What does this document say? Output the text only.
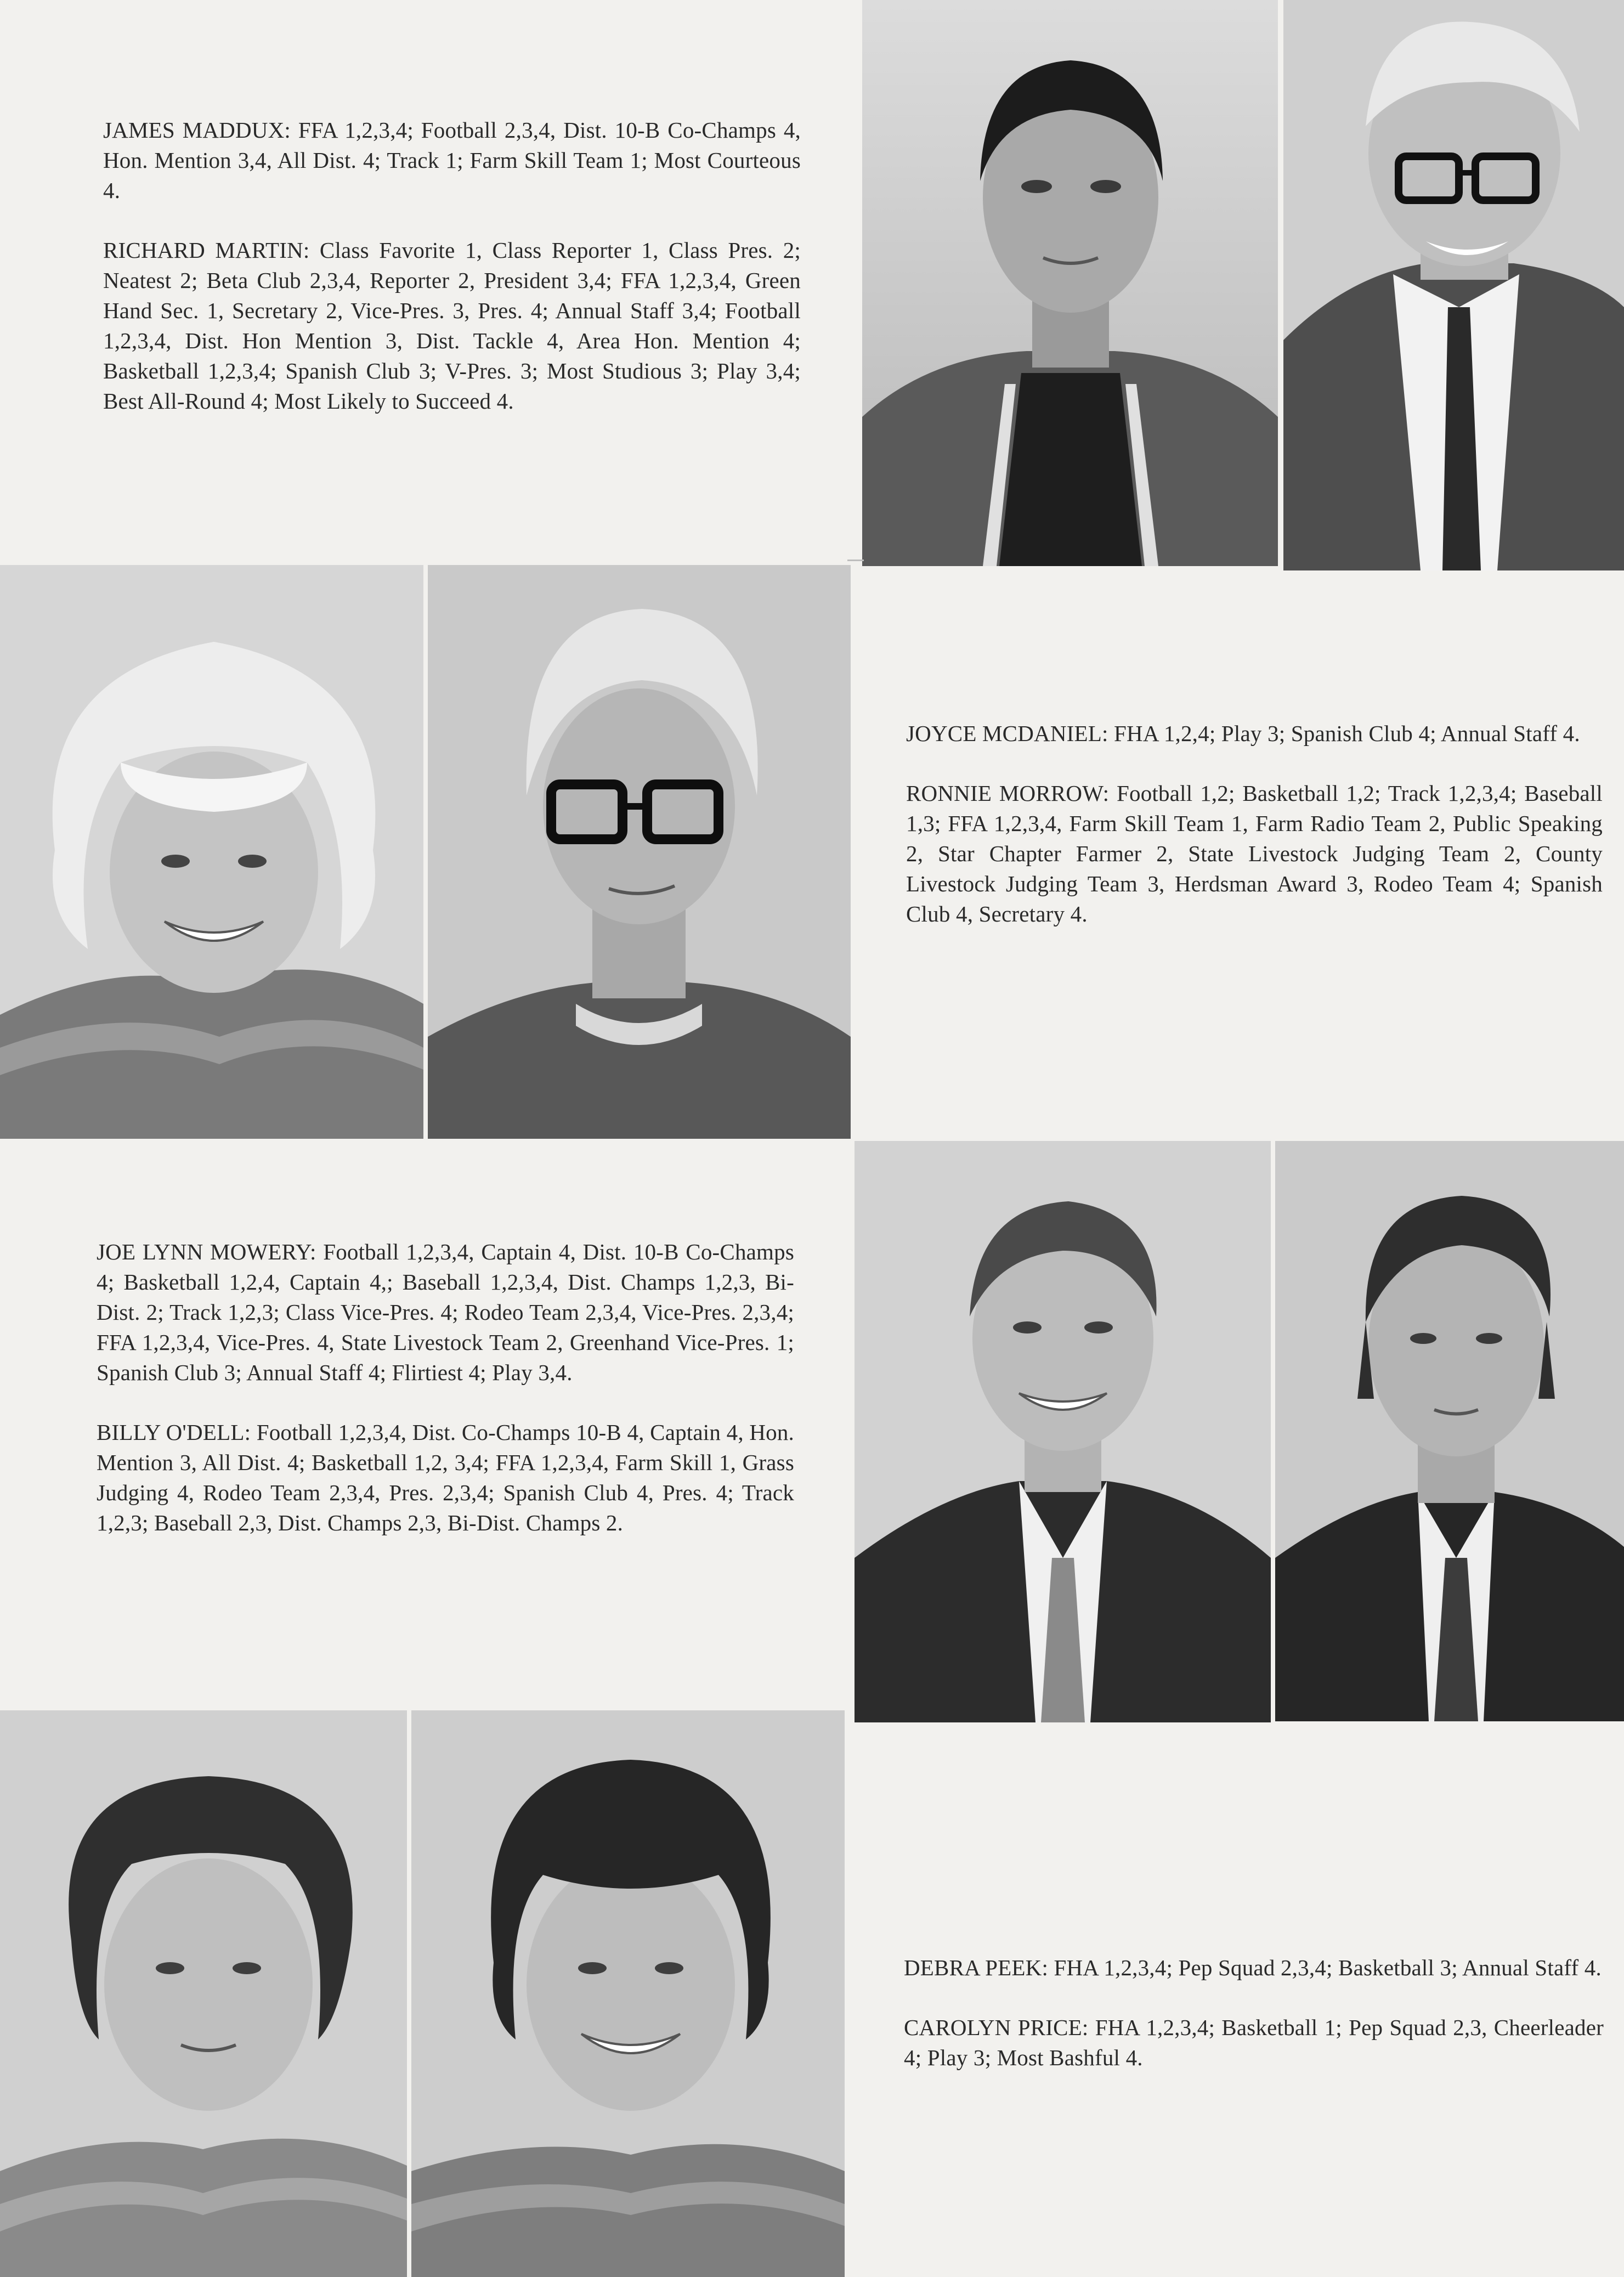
JAMES MADDUX: FFA 1,2,3,4; Football 2,3,4, Dist. 10-B Co-Champs 4, Hon. Mention 3,4, All Dist. 4; Track 1; Farm Skill Team 1; Most Courteous 4.

RICHARD MARTIN: Class Favorite 1, Class Reporter 1, Class Pres. 2; Neatest 2; Beta Club 2,3,4, Reporter 2, President 3,4; FFA 1,2,3,4, Green Hand Sec. 1, Secretary 2, Vice-Pres. 3, Pres. 4; Annual Staff 3,4; Football 1,2,3,4, Dist. Hon Mention 3, Dist. Tackle 4, Area Hon. Mention 4; Basketball 1,2,3,4; Spanish Club 3; V-Pres. 3; Most Studious 3; Play 3,4; Best All-Round 4; Most Likely to Succeed 4.

JOYCE MCDANIEL: FHA 1,2,4; Play 3; Spanish Club 4; Annual Staff 4.

RONNIE MORROW: Football 1,2; Basketball 1,2; Track 1,2,3,4; Baseball 1,3; FFA 1,2,3,4, Farm Skill Team 1, Farm Radio Team 2, Public Speaking 2, Star Chapter Farmer 2, State Livestock Judging Team 2, County Livestock Judging Team 3, Herdsman Award 3, Rodeo Team 4; Spanish Club 4, Secretary 4.

JOE LYNN MOWERY: Football 1,2,3,4, Captain 4, Dist. 10-B Co-Champs 4; Basketball 1,2,4, Captain 4,; Baseball 1,2,3,4, Dist. Champs 1,2,3, Bi-Dist. 2; Track 1,2,3; Class Vice-Pres. 4; Rodeo Team 2,3,4, Vice-Pres. 2,3,4; FFA 1,2,3,4, Vice-Pres. 4, State Livestock Team 2, Greenhand Vice-Pres. 1; Spanish Club 3; Annual Staff 4; Flirtiest 4; Play 3,4.

BILLY O'DELL: Football 1,2,3,4, Dist. Co-Champs 10-B 4, Captain 4, Hon. Mention 3, All Dist. 4; Basketball 1,2, 3,4; FFA 1,2,3,4, Farm Skill 1, Grass Judging 4, Rodeo Team 2,3,4, Pres. 2,3,4; Spanish Club 4, Pres. 4; Track 1,2,3; Baseball 2,3, Dist. Champs 2,3, Bi-Dist. Champs 2.

DEBRA PEEK: FHA 1,2,3,4; Pep Squad 2,3,4; Basketball 3; Annual Staff 4.

CAROLYN PRICE: FHA 1,2,3,4; Basketball 1; Pep Squad 2,3, Cheerleader 4; Play 3; Most Bashful 4.
